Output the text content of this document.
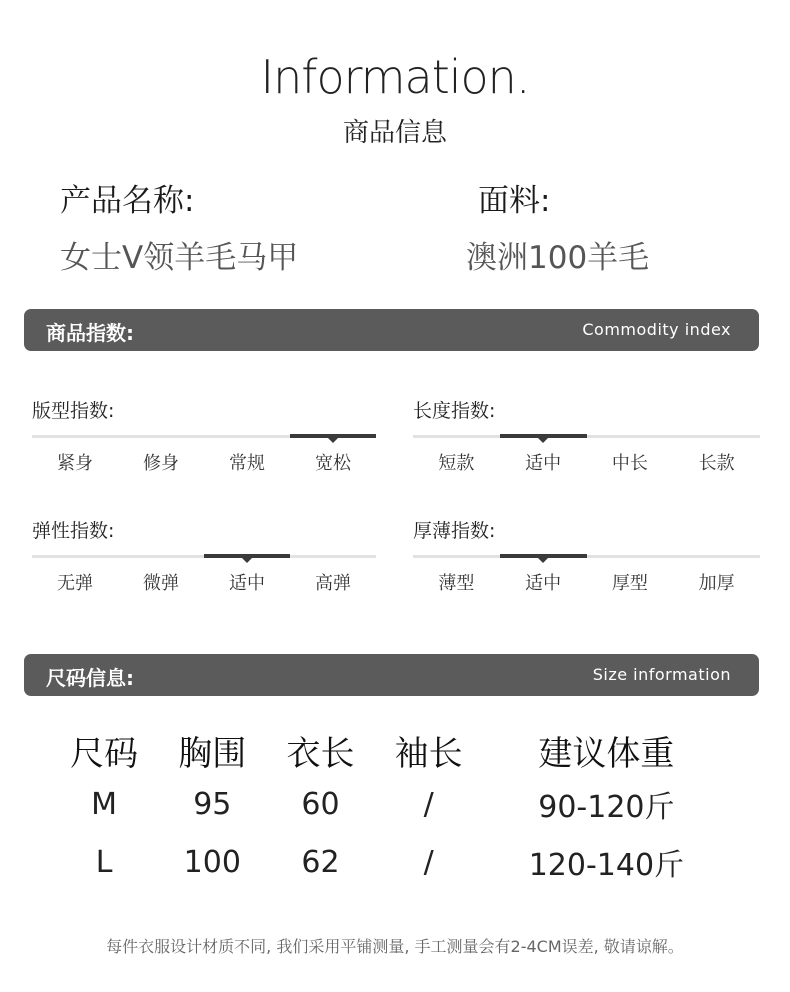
Information.
商品信息
产品名称:
女士V领羊毛马甲
面料:
澳洲100羊毛
商品指数:	Commodity index
版型指数:
紧身	修身	常规	宽松
长度指数:
短款	适中	中长	长款
弹性指数:
无弹	微弹	适中	高弹
厚薄指数:
薄型	适中	厚型	加厚
尺码信息:	Size information
尺码	胸围	衣长	袖长	建议体重
M	95	60	/	90-120斤
L	100	62	/	120-140斤
每件衣服设计材质不同, 我们采用平铺测量, 手工测量会有2-4CM误差, 敬请谅解。
